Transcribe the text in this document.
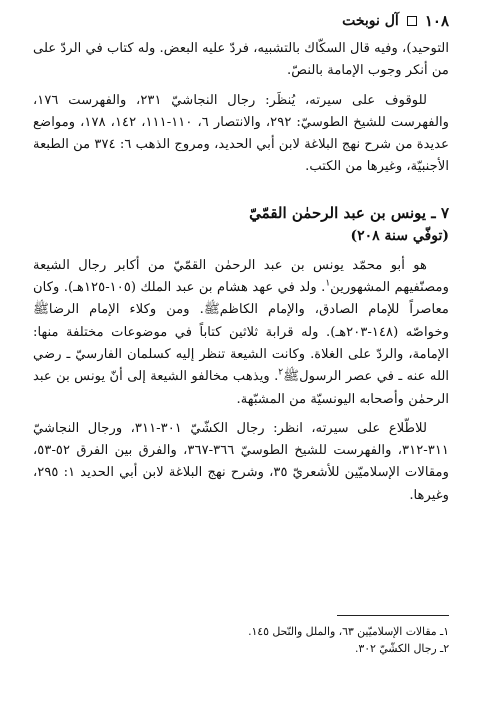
١٠٨
آل نوبخت

التوحيد)، وفيه قال السكّاك بالتشبيه، فردّ عليه البعض. وله كتاب في الردّ على من أنكر وجوب الإمامة بالنصّ.

للوقوف على سيرته، يُنظَر: رجال النجاشيّ ٢٣١، والفهرست ١٧٦، والفهرست للشيخ الطوسيّ: ٢٩٢، والانتصار ٦، ١١٠-١١١، ١٤٢، ١٧٨، ومواضع عديدة من شرح نهج البلاغة لابن أبي الحديد، ومروج الذهب ٦: ٣٧٤ من الطبعة الأجنبيّة، وغيرها من الكتب.

٧ ـ يونس بن عبد الرحمٰن القمّيّ
(توفّي سنة ٢٠٨)

هو أبو محمّد يونس بن عبد الرحمٰن القمّيّ من أكابر رجال الشيعة ومصنّفيهم المشهورين$^١$. ولد في عهد هشام بن عبد الملك (١٠٥-١٢٥هـ). وكان معاصراً للإمام الصادق، والإمام الكاظمﷺ. ومن وكلاء الإمام الرضاﷺ وخواصّه (١٤٨-٢٠٣هـ). وله قرابة ثلاثين كتاباً في موضوعات مختلفة منها: الإمامة، والردّ على الغلاة. وكانت الشيعة تنظر إليه كسلمان الفارسيّ ـ رضي الله عنه ـ في عصر الرسولﷺ$^٢$. ويذهب مخالفو الشيعة إلى أنّ يونس بن عبد الرحمٰن وأصحابه اليونسيّة من المشبّهة.

للاطّلاع على سيرته، انظر: رجال الكشّيّ ٣٠١-٣١١، ورجال النجاشيّ ٣١١-٣١٢، والفهرست للشيخ الطوسيّ ٣٦٦-٣٦٧، والفرق بين الفرق ٥٢-٥٣، ومقالات الإسلاميّين للأشعريّ ٣٥، وشرح نهج البلاغة لابن أبي الحديد ١: ٢٩٥، وغيرها.

١ـ مقالات الإسلاميّين ٦٣، والملل والنّحل ١٤٥.
٢ـ رجال الكشّيّ ٣٠٢.
